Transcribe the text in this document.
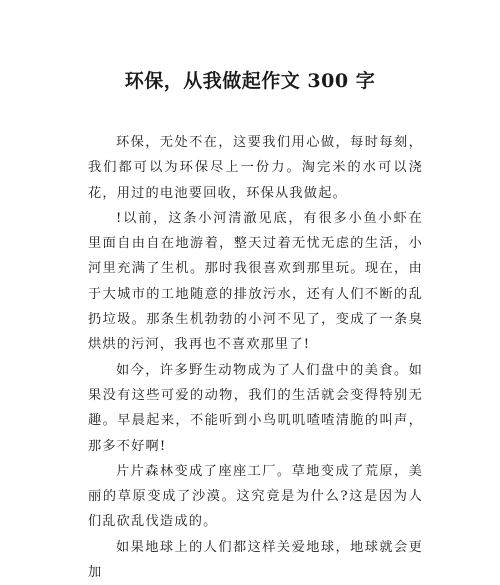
环保，从我做起作文 300 字

环保，无处不在，这要我们用心做，每时每刻，我们都可以为环保尽上一份力。淘完米的水可以浇花，用过的电池要回收，环保从我做起。

!以前，这条小河清澈见底，有很多小鱼小虾在里面自由自在地游着，整天过着无忧无虑的生活，小河里充满了生机。那时我很喜欢到那里玩。现在，由于大城市的工地随意的排放污水，还有人们不断的乱扔垃圾。那条生机勃勃的小河不见了，变成了一条臭烘烘的污河，我再也不喜欢那里了!

如今，许多野生动物成为了人们盘中的美食。如果没有这些可爱的动物，我们的生活就会变得特别无趣。早晨起来，不能听到小鸟叽叽喳喳清脆的叫声，那多不好啊!

片片森林变成了座座工厂。草地变成了荒原，美丽的草原变成了沙漠。这究竟是为什么?这是因为人们乱砍乱伐造成的。

如果地球上的人们都这样关爱地球，地球就会更加
